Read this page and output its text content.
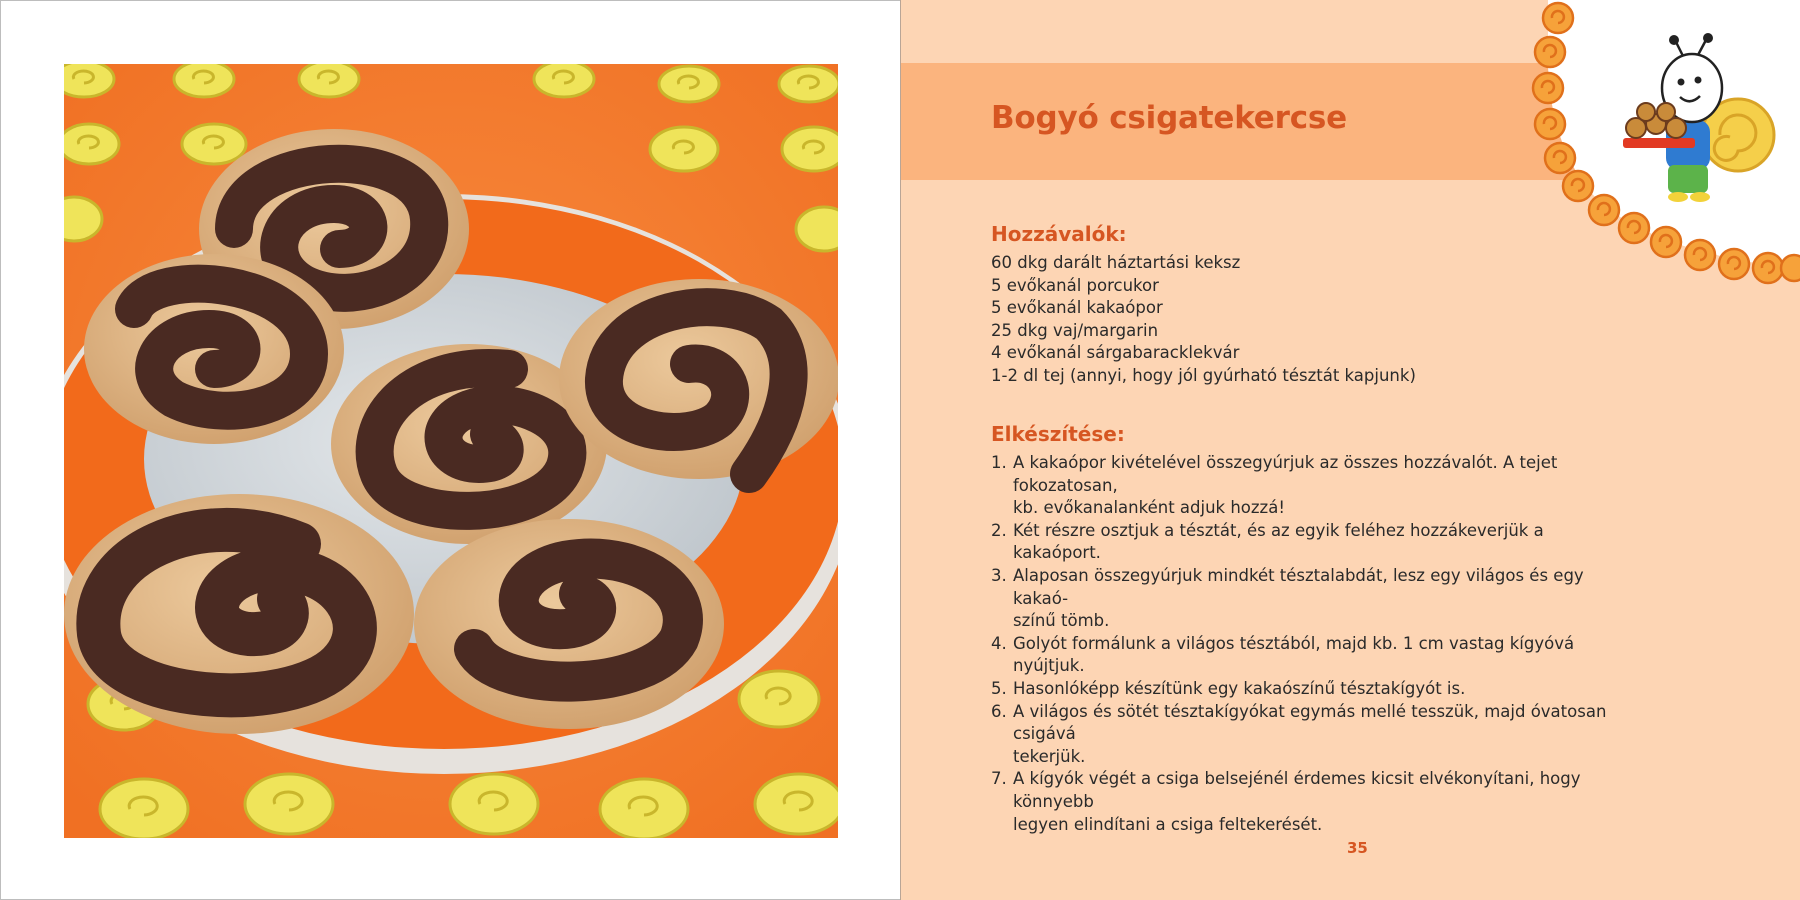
Bogyó csigatekercse
Hozzávalók:
60 dkg darált háztartási keksz
5 evőkanál porcukor
5 evőkanál kakaópor
25 dkg vaj/margarin
4 evőkanál sárgabaracklekvár
1-2 dl tej (annyi, hogy jól gyúrható tésztát kapjunk)
Elkészítése:
1. A kakaópor kivételével összegyúrjuk az összes hozzávalót. A tejet fokozatosan,
kb. evőkanalanként adjuk hozzá!
2. Két részre osztjuk a tésztát, és az egyik feléhez hozzákeverjük a kakaóport.
3. Alaposan összegyúrjuk mindkét tésztalabdát, lesz egy világos és egy kakaó-
színű tömb.
4. Golyót formálunk a világos tésztából, majd kb. 1 cm vastag kígyóvá nyújtjuk.
5. Hasonlóképp készítünk egy kakaószínű tésztakígyót is.
6. A világos és sötét tésztakígyókat egymás mellé tesszük, majd óvatosan csigává
tekerjük.
7. A kígyók végét a csiga belsejénél érdemes kicsit elvékonyítani, hogy könnyebb
legyen elindítani a csiga feltekerését.
35
